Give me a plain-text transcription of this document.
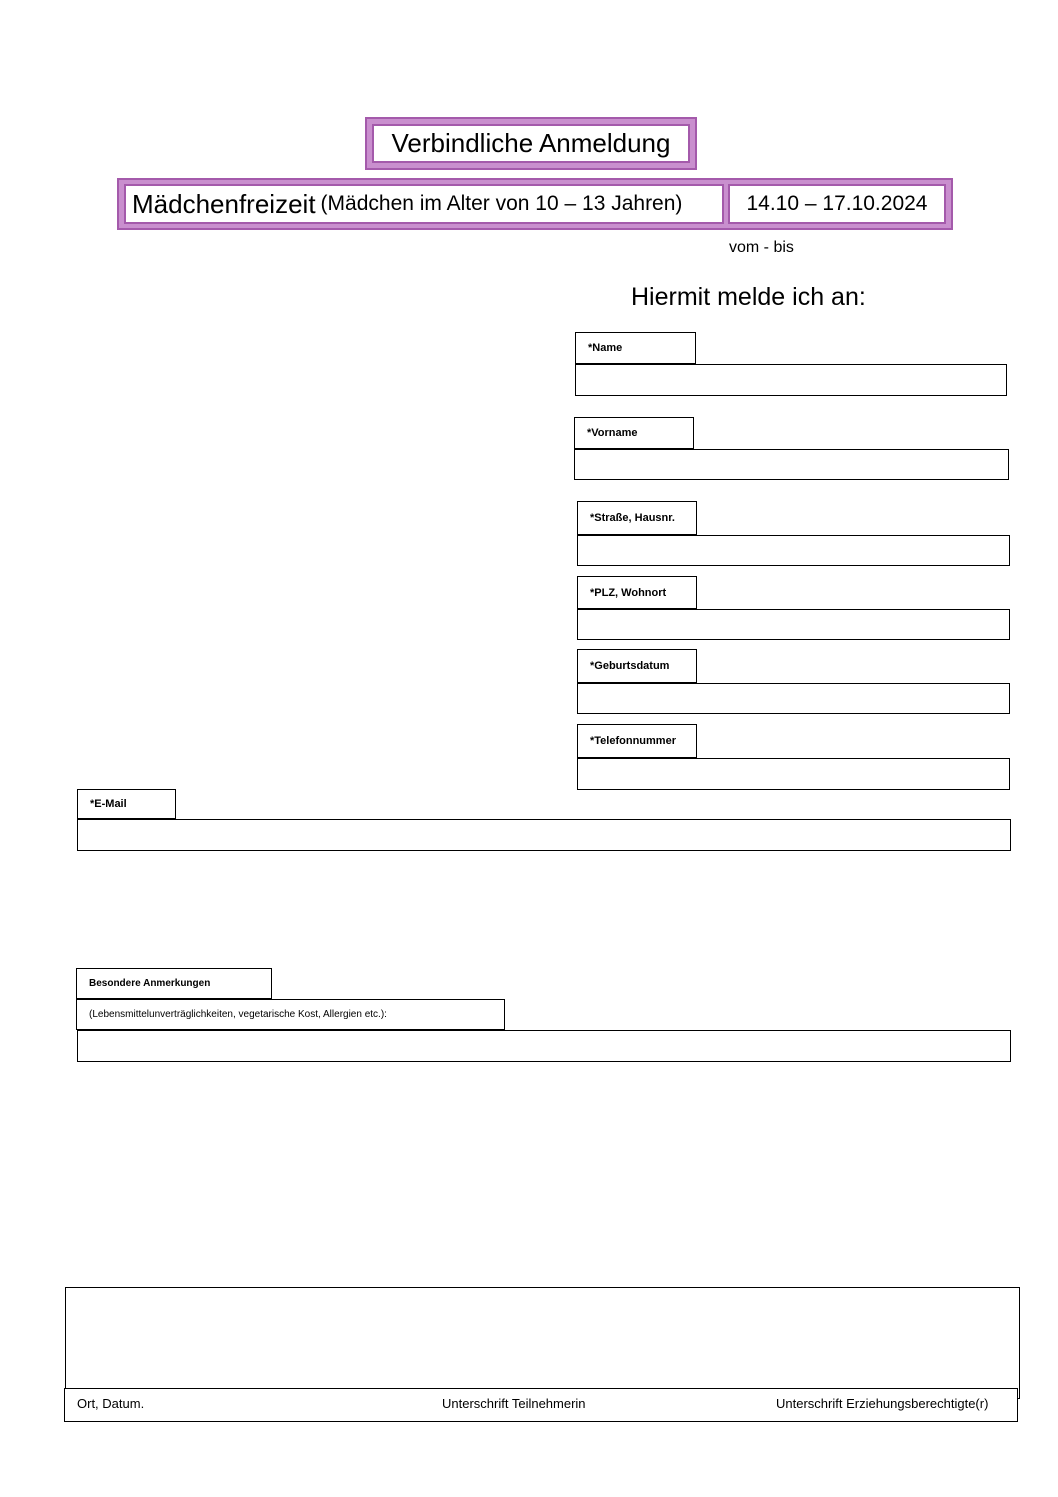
Verbindliche Anmeldung
Mädchenfreizeit (Mädchen im Alter von 10 – 13 Jahren)	14.10 – 17.10.2024
vom - bis
Hiermit melde ich an:
*Name
*Vorname
*Straße, Hausnr.
*PLZ, Wohnort
*Geburtsdatum
*Telefonnummer
*E-Mail
Besondere Anmerkungen
(Lebensmittelunverträglichkeiten, vegetarische Kost, Allergien etc.):
Ort, Datum.	Unterschrift Teilnehmerin	Unterschrift Erziehungsberechtigte(r)
